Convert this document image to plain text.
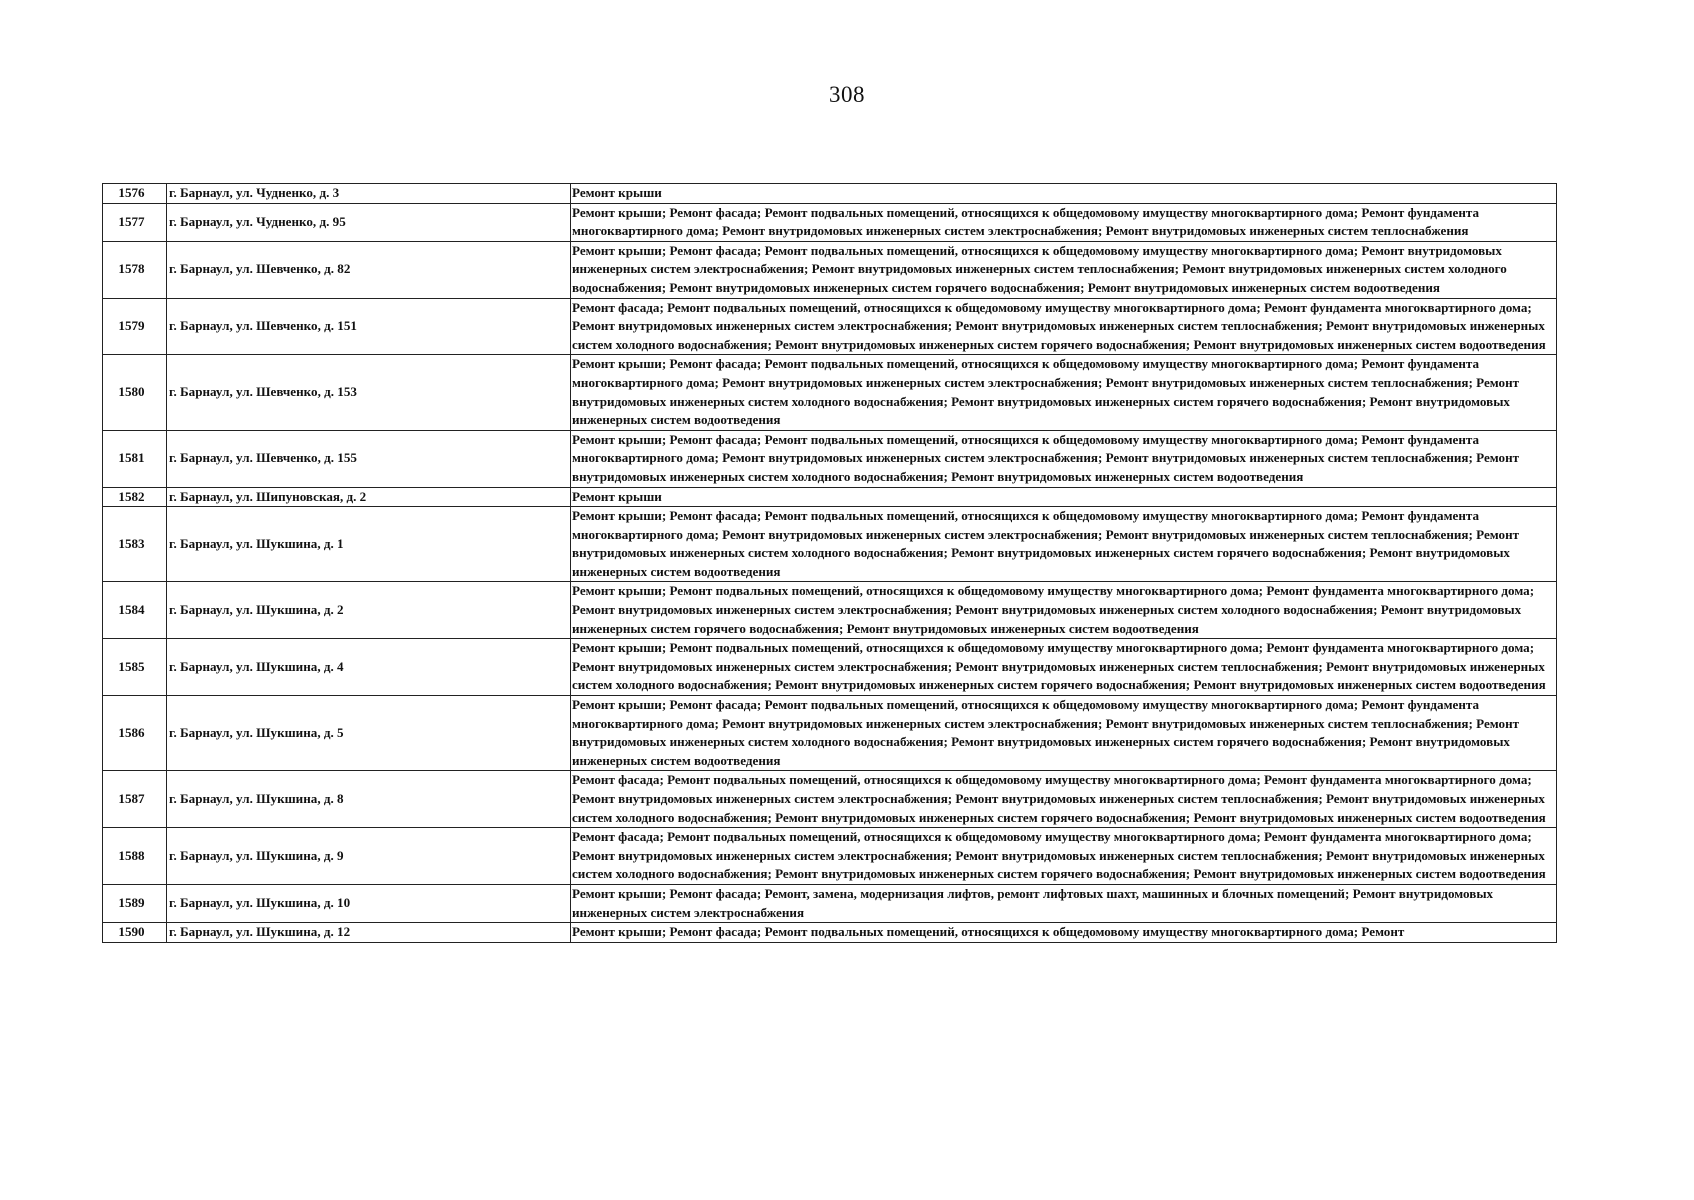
308
1576	г. Барнаул, ул. Чудненко, д. 3	Ремонт крыши
1577	г. Барнаул, ул. Чудненко, д. 95	Ремонт крыши; Ремонт фасада; Ремонт подвальных помещений, относящихся к общедомовому имуществу многоквартирного дома; Ремонт фундамента многоквартирного дома; Ремонт внутридомовых инженерных систем электроснабжения; Ремонт внутридомовых инженерных систем теплоснабжения
1578	г. Барнаул, ул. Шевченко, д. 82	Ремонт крыши; Ремонт фасада; Ремонт подвальных помещений, относящихся к общедомовому имуществу многоквартирного дома; Ремонт внутридомовых инженерных систем электроснабжения; Ремонт внутридомовых инженерных систем теплоснабжения; Ремонт внутридомовых инженерных систем холодного водоснабжения; Ремонт внутридомовых инженерных систем горячего водоснабжения; Ремонт внутридомовых инженерных систем водоотведения
1579	г. Барнаул, ул. Шевченко, д. 151	Ремонт фасада; Ремонт подвальных помещений, относящихся к общедомовому имуществу многоквартирного дома; Ремонт фундамента многоквартирного дома; Ремонт внутридомовых инженерных систем электроснабжения; Ремонт внутридомовых инженерных систем теплоснабжения; Ремонт внутридомовых инженерных систем холодного водоснабжения; Ремонт внутридомовых инженерных систем горячего водоснабжения; Ремонт внутридомовых инженерных систем водоотведения
1580	г. Барнаул, ул. Шевченко, д. 153	Ремонт крыши; Ремонт фасада; Ремонт подвальных помещений, относящихся к общедомовому имуществу многоквартирного дома; Ремонт фундамента многоквартирного дома; Ремонт внутридомовых инженерных систем электроснабжения; Ремонт внутридомовых инженерных систем теплоснабжения; Ремонт внутридомовых инженерных систем холодного водоснабжения; Ремонт внутридомовых инженерных систем горячего водоснабжения; Ремонт внутридомовых инженерных систем водоотведения
1581	г. Барнаул, ул. Шевченко, д. 155	Ремонт крыши; Ремонт фасада; Ремонт подвальных помещений, относящихся к общедомовому имуществу многоквартирного дома; Ремонт фундамента многоквартирного дома; Ремонт внутридомовых инженерных систем электроснабжения; Ремонт внутридомовых инженерных систем теплоснабжения; Ремонт внутридомовых инженерных систем холодного водоснабжения; Ремонт внутридомовых инженерных систем водоотведения
1582	г. Барнаул, ул. Шипуновская, д. 2	Ремонт крыши
1583	г. Барнаул, ул. Шукшина, д. 1	Ремонт крыши; Ремонт фасада; Ремонт подвальных помещений, относящихся к общедомовому имуществу многоквартирного дома; Ремонт фундамента многоквартирного дома; Ремонт внутридомовых инженерных систем электроснабжения; Ремонт внутридомовых инженерных систем теплоснабжения; Ремонт внутридомовых инженерных систем холодного водоснабжения; Ремонт внутридомовых инженерных систем горячего водоснабжения; Ремонт внутридомовых инженерных систем водоотведения
1584	г. Барнаул, ул. Шукшина, д. 2	Ремонт крыши; Ремонт подвальных помещений, относящихся к общедомовому имуществу многоквартирного дома; Ремонт фундамента многоквартирного дома; Ремонт внутридомовых инженерных систем электроснабжения; Ремонт внутридомовых инженерных систем холодного водоснабжения; Ремонт внутридомовых инженерных систем горячего водоснабжения; Ремонт внутридомовых инженерных систем водоотведения
1585	г. Барнаул, ул. Шукшина, д. 4	Ремонт крыши; Ремонт подвальных помещений, относящихся к общедомовому имуществу многоквартирного дома; Ремонт фундамента многоквартирного дома; Ремонт внутридомовых инженерных систем электроснабжения; Ремонт внутридомовых инженерных систем теплоснабжения; Ремонт внутридомовых инженерных систем холодного водоснабжения; Ремонт внутридомовых инженерных систем горячего водоснабжения; Ремонт внутридомовых инженерных систем водоотведения
1586	г. Барнаул, ул. Шукшина, д. 5	Ремонт крыши; Ремонт фасада; Ремонт подвальных помещений, относящихся к общедомовому имуществу многоквартирного дома; Ремонт фундамента многоквартирного дома; Ремонт внутридомовых инженерных систем электроснабжения; Ремонт внутридомовых инженерных систем теплоснабжения; Ремонт внутридомовых инженерных систем холодного водоснабжения; Ремонт внутридомовых инженерных систем горячего водоснабжения; Ремонт внутридомовых инженерных систем водоотведения
1587	г. Барнаул, ул. Шукшина, д. 8	Ремонт фасада; Ремонт подвальных помещений, относящихся к общедомовому имуществу многоквартирного дома; Ремонт фундамента многоквартирного дома; Ремонт внутридомовых инженерных систем электроснабжения; Ремонт внутридомовых инженерных систем теплоснабжения; Ремонт внутридомовых инженерных систем холодного водоснабжения; Ремонт внутридомовых инженерных систем горячего водоснабжения; Ремонт внутридомовых инженерных систем водоотведения
1588	г. Барнаул, ул. Шукшина, д. 9	Ремонт фасада; Ремонт подвальных помещений, относящихся к общедомовому имуществу многоквартирного дома; Ремонт фундамента многоквартирного дома; Ремонт внутридомовых инженерных систем электроснабжения; Ремонт внутридомовых инженерных систем теплоснабжения; Ремонт внутридомовых инженерных систем холодного водоснабжения; Ремонт внутридомовых инженерных систем горячего водоснабжения; Ремонт внутридомовых инженерных систем водоотведения
1589	г. Барнаул, ул. Шукшина, д. 10	Ремонт крыши; Ремонт фасада; Ремонт, замена, модернизация лифтов, ремонт лифтовых шахт, машинных и блочных помещений; Ремонт внутридомовых инженерных систем электроснабжения
1590	г. Барнаул, ул. Шукшина, д. 12	Ремонт крыши; Ремонт фасада; Ремонт подвальных помещений, относящихся к общедомовому имуществу многоквартирного дома; Ремонт
